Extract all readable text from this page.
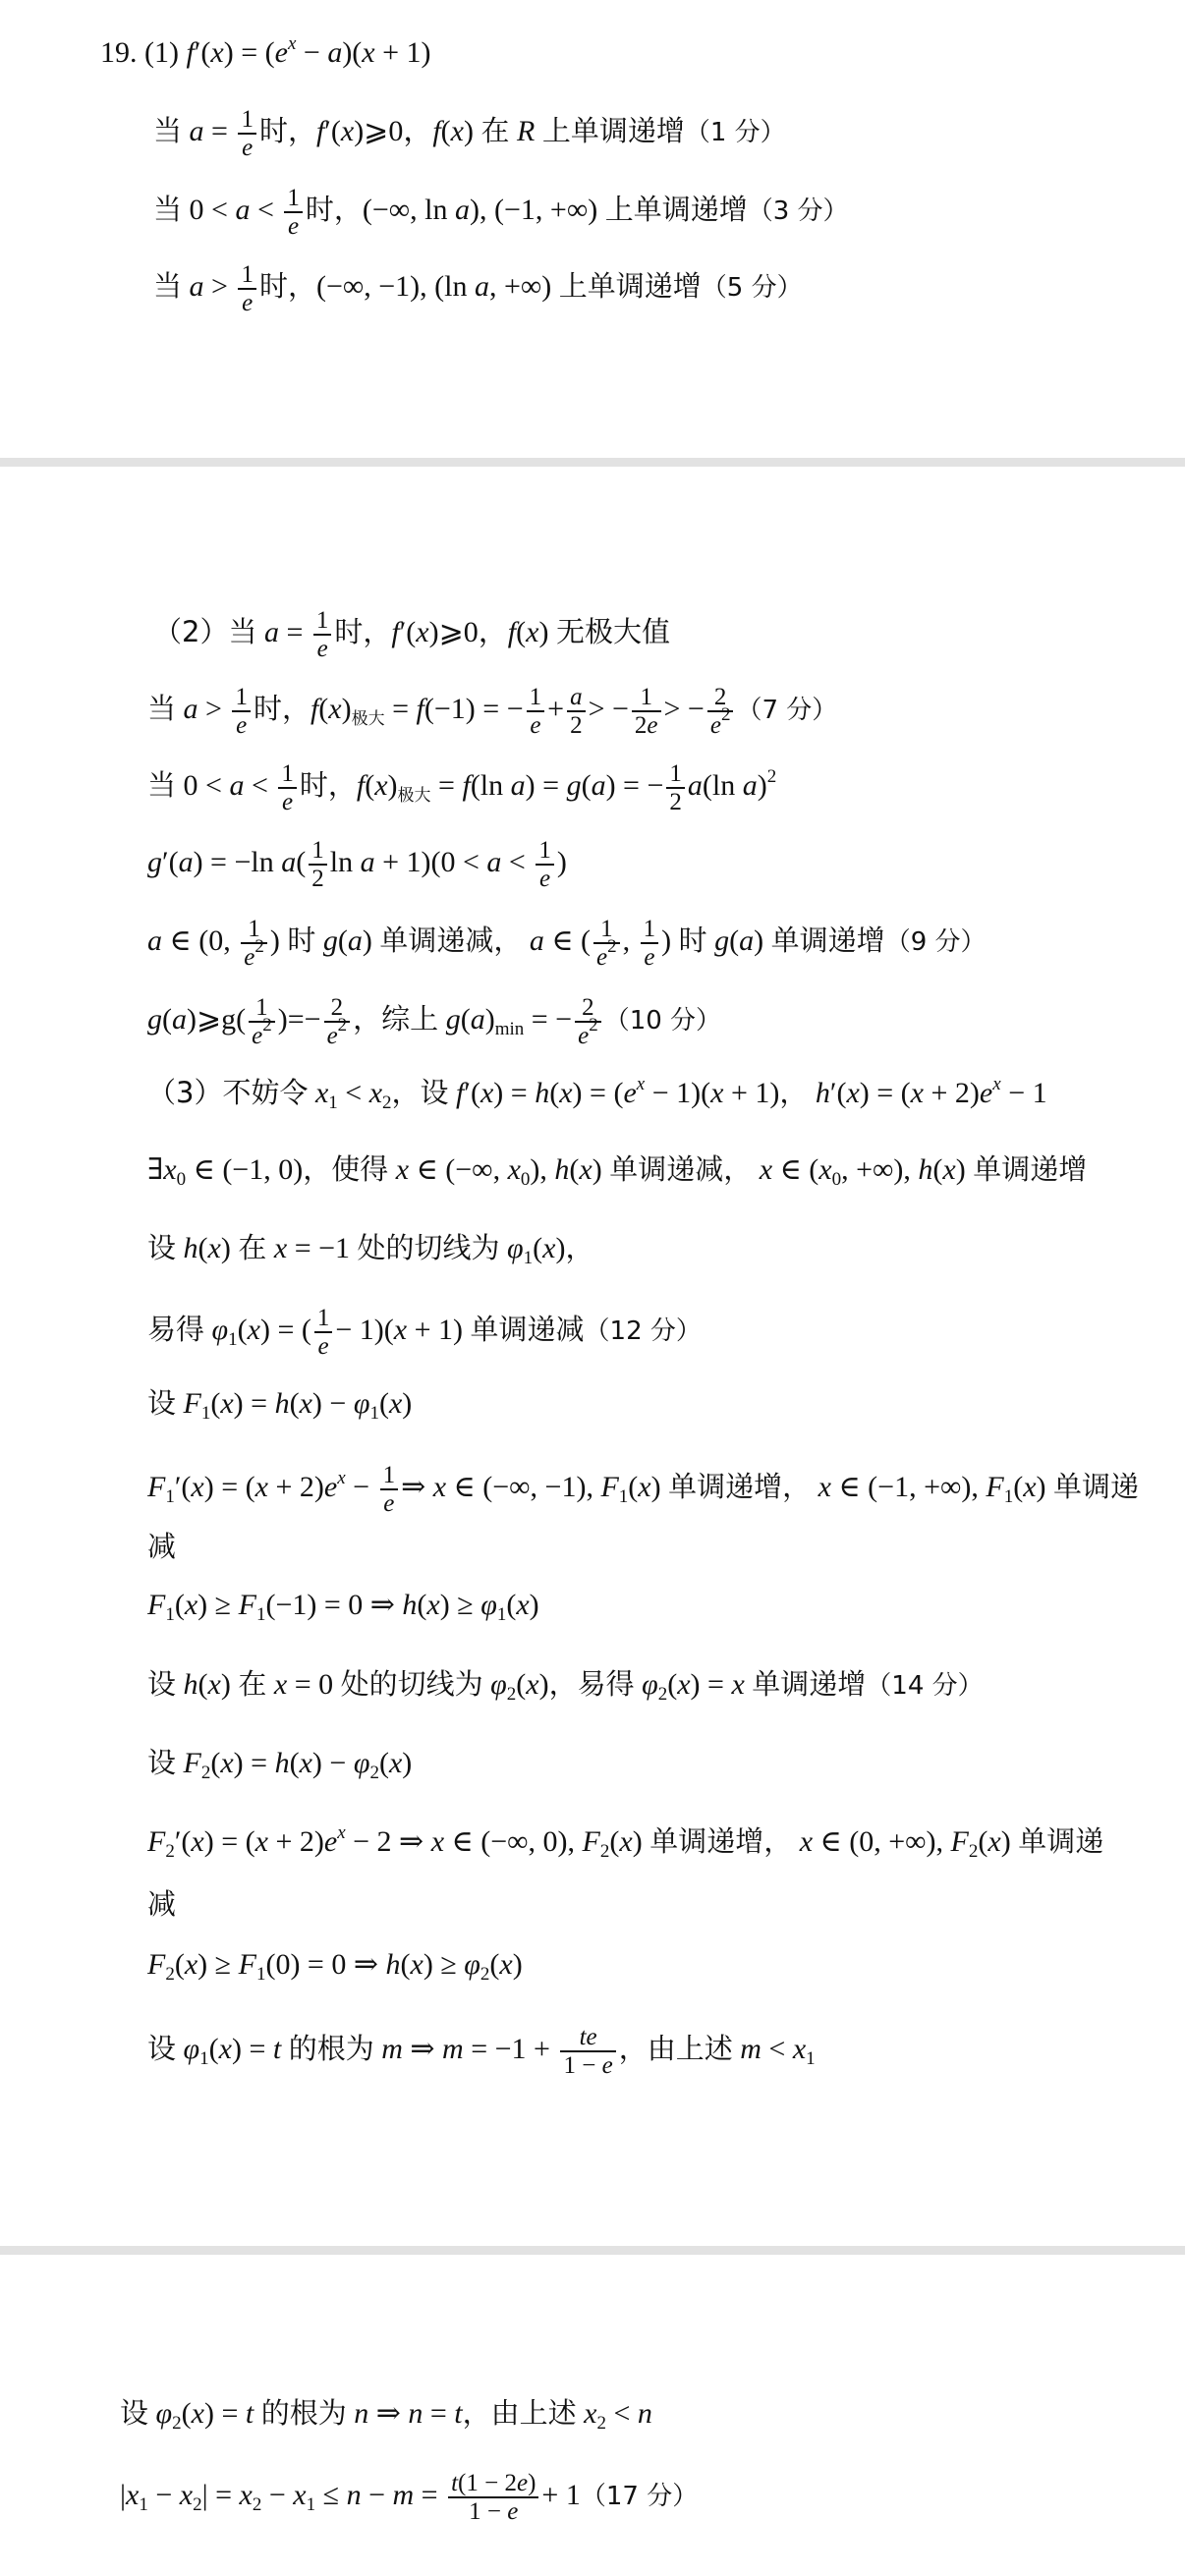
19. (1) $f'(x) = (e^x - a)(x + 1)$
当 $a = \frac{1}{e}$ 时，f′(x)⩾0，f(x) 在 R 上单调递增（1 分）
当 $0 < a < \frac{1}{e}$ 时，(−∞, ln a), (−1, +∞) 上单调递增（3 分）
当 $a > \frac{1}{e}$ 时，(−∞, −1), (ln a, +∞) 上单调递增（5 分）
（2）当 $a = \frac{1}{e}$ 时，f′(x)⩾0，f(x) 无极大值
当 $a > \frac{1}{e}$ 时，$f(x)_{极大} = f(-1)$ = − $\frac{1}{e} + \frac{a}{2}$ > − $\frac{1}{2e}$ > − $\frac{2}{e^2} (7$ 分）
当 $0 < a < \frac{1}{e}$ 时，$f(x)_{极大} = f(\ln$ a) = g(a) = − $\frac{1}{2} a(\ln$ a)$^2$
g′(a) = −ln $a( \frac{1}{2}$ $\ln a + 1)(0 < a < \frac{1}{e}$ )
a ∈ (0, $\frac{1}{e^2}$ ) 时 g(a) 单调递减， a ∈ ( $\frac{1}{e^2}$ , $\frac{1}{e}$ ) 时 g(a) 单调递增（9 分）
g(a)⩾g( $\frac{1}{e^2}$ )=− $\frac{2}{e^2}$ ，综上 $g(a)_{min}$ = − $\frac{2}{e^2} (10$ 分）
（3）不妨令 $x_1 < x_2$，设 $f'(x) = h(x) = (e^x - 1)(x + 1)$， $h'(x) = (x + 2)e^x - 1$
$\exists x_0$ ∈ (−1, 0)，使得 x ∈ (−∞, $x_0$), h(x) 单调递减， x ∈ ($x_0$, +∞), h(x) 单调递增
设 h(x) 在 x = −1 处的切线为 $\varphi_1(x)$，
易得 $\varphi_1(x)$ = ( $\frac{1}{e} - 1)(x + 1)$ 单调递减（12 分）
设 $F_1(x) = h(x) - \varphi_1(x)$
$F_1'(x) = (x + 2)e^x - \frac{1}{e}$ ⇒ x ∈ (−∞, −1), $F_1(x)$ 单调递增， x ∈ (−1, +∞), $F_1(x)$ 单调递
减
$F_1(x) \ge F_1(-1) = 0$ ⇒ $h(x) \ge \varphi_1(x)$
设 h(x) 在 x = 0 处的切线为 $\varphi_2(x)$，易得 $\varphi_2(x) = x$ 单调递增（14 分）
设 $F_2(x) = h(x) - \varphi_2(x)$
$F_2'(x) = (x + 2)e^x - 2$ ⇒ x ∈ (−∞, 0), $F_2(x)$ 单调递增， x ∈ (0, +∞), $F_2(x)$ 单调递
减
$F_2(x) \ge F_1(0) = 0$ ⇒ $h(x) \ge \varphi_2(x)$
设 $\varphi_1(x) = t$ 的根为 m ⇒ $m = -1 + \frac{te}{1 - e}$ ，由上述 $m < x_1$
设 $\varphi_2(x) = t$ 的根为 n ⇒ n = t，由上述 $x_2 < n$
$|x_1 - x_2| = x_2 - x_1 \le n - m = \frac{t(1 - 2e)}{1 - e} + 1(17$ 分）
